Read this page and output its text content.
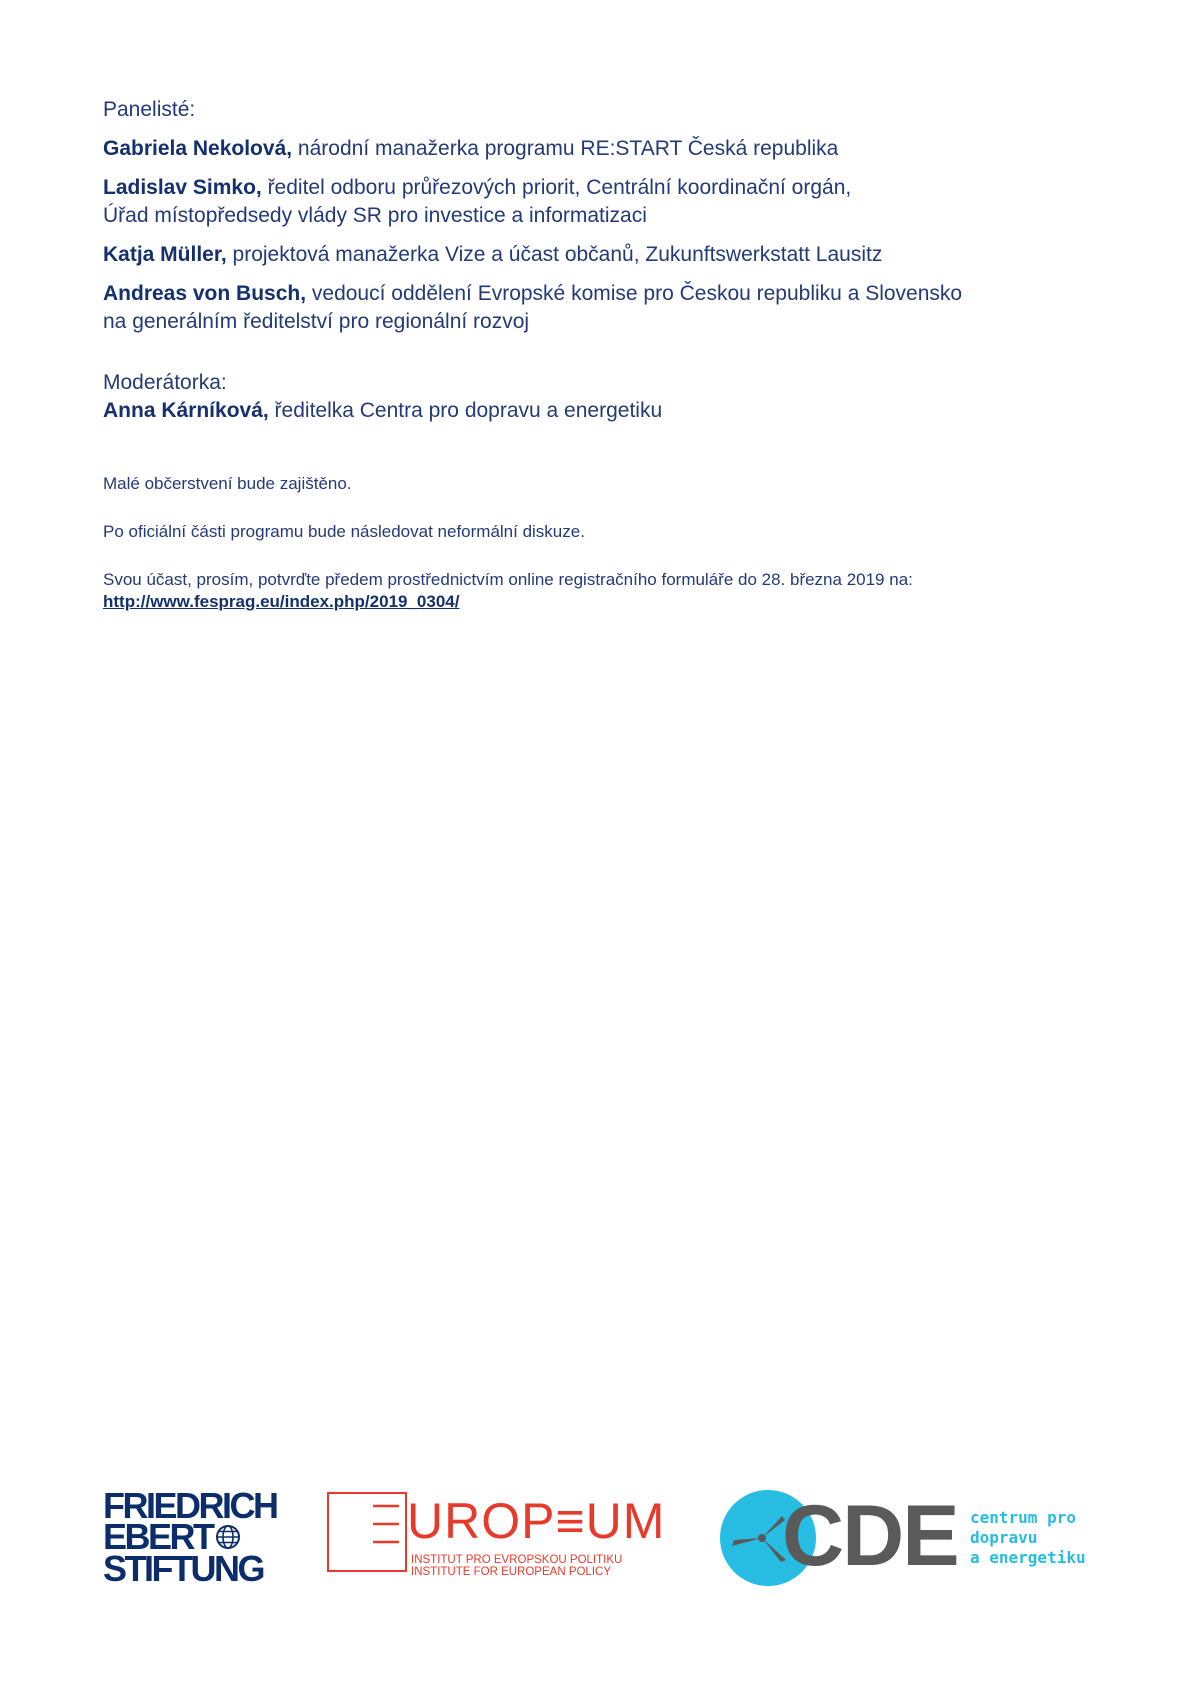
Panelisté:
Gabriela Nekolová, národní manažerka programu RE:START Česká republika
Ladislav Simko, ředitel odboru průřezových priorit, Centrální koordinační orgán,
Úřad místopředsedy vlády SR pro investice a informatizaci
Katja Müller, projektová manažerka Vize a účast občanů, Zukunftswerkstatt Lausitz
Andreas von Busch, vedoucí oddělení Evropské komise pro Českou republiku a Slovensko
na generálním ředitelství pro regionální rozvoj
Moderátorka:
Anna Kárníková, ředitelka Centra pro dopravu a energetiku
Malé občerstvení bude zajištěno.
Po oficiální části programu bude následovat neformální diskuze.
Svou účast, prosím, potvrďte předem prostřednictvím online registračního formuláře do 28. března 2019 na:
http://www.fesprag.eu/index.php/2019_0304/
FRIEDRICH
EBERT
STIFTUNG
UROP≡UM
INSTITUT PRO EVROPSKOU POLITIKU
INSTITUTE FOR EUROPEAN POLICY CDE centrum pro
dopravu
a energetiku
